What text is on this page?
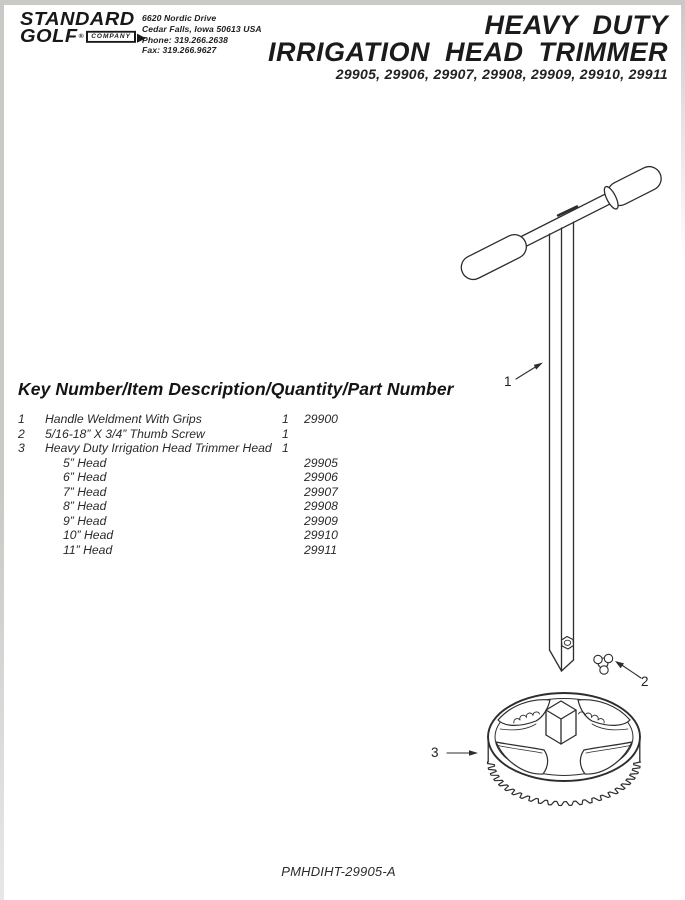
STANDARD
GOLF ® COMPANY
6620 Nordic Drive
Cedar Falls, Iowa 50613 USA
Phone: 319.266.2638
Fax: 319.266.9627
HEAVY DUTY
IRRIGATION HEAD TRIMMER
29905, 29906, 29907, 29908, 29909, 29910, 29911
Key Number/Item Description/Quantity/Part Number
1 Handle Weldment With Grips	1 29900
2 5/16-18” X 3/4” Thumb Screw	1
3 Heavy Duty Irrigation Head Trimmer Head 1
5” Head	29905
6” Head	29906
7” Head	29907
8” Head	29908
9” Head	29909
10” Head	29910
11” Head	29911
1
2
3
PMHDIHT-29905-A
